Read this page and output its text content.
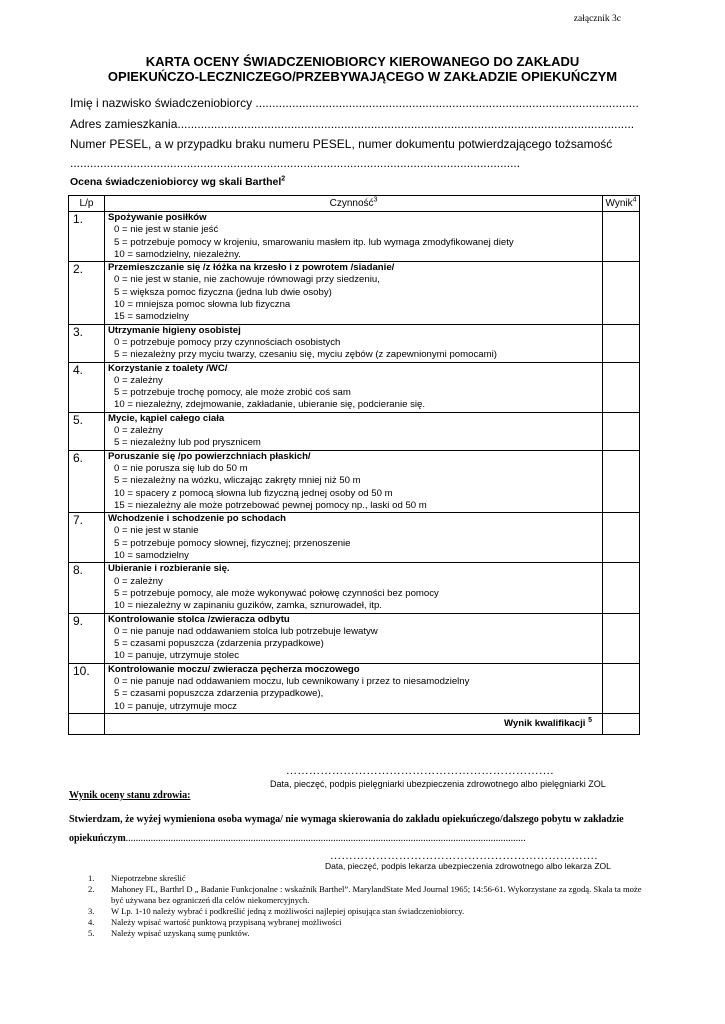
załącznik 3c
KARTA OCENY ŚWIADCZENIOBIORCY KIEROWANEGO DO ZAKŁADU
OPIEKUŃCZO-LECZNICZEGO/PRZEBYWAJĄCEGO W ZAKŁADZIE OPIEKUŃCZYM
Imię i nazwisko świadczeniobiorcy ...................................................................................................................
Adres zamieszkania.........................................................................................................................................
Numer PESEL, a w przypadku braku numeru PESEL, numer dokumentu potwierdzającego tożsamość
.......................................................................................................................................
Ocena świadczeniobiorcy wg skali Barthel$^2$
L/p	Czynność$^3$	Wynik$^4$
1.	Spożywanie posiłków
0 = nie jest w stanie jeść
5 = potrzebuje pomocy w krojeniu, smarowaniu masłem itp. lub wymaga zmodyfikowanej diety
10 = samodzielny, niezależny.	

2.	Przemieszczanie się /z łóżka na krzesło i z powrotem /siadanie/
0 = nie jest w stanie, nie zachowuje równowagi przy siedzeniu,
5 = większa pomoc fizyczna (jedna lub dwie osoby)
10 = mniejsza pomoc słowna lub fizyczna
15 = samodzielny	

3.	Utrzymanie higieny osobistej
0 = potrzebuje pomocy przy czynnościach osobistych
5 = niezależny przy myciu twarzy, czesaniu się, myciu zębów (z zapewnionymi pomocami)	

4.	Korzystanie z toalety /WC/
0 = zależny
5 = potrzebuje trochę pomocy, ale może zrobić coś sam
10 = niezależny, zdejmowanie, zakładanie, ubieranie się, podcieranie się.	

5.	Mycie, kąpiel całego ciała
0 = zależny
5 = niezależny lub pod prysznicem	

6.	Poruszanie się /po powierzchniach płaskich/
0 = nie porusza się lub do 50 m
5 = niezależny na wózku, wliczając zakręty mniej niż 50 m
10 = spacery z pomocą słowna lub fizyczną jednej osoby od 50 m
15 = niezależny ale może potrzebować pewnej pomocy np., laski od 50 m	

7.	Wchodzenie i schodzenie po schodach
0 = nie jest w stanie
5 = potrzebuje pomocy słownej, fizycznej; przenoszenie
10 = samodzielny	

8.	Ubieranie i rozbieranie się.
0 = zależny
5 = potrzebuje pomocy, ale może wykonywać połowę czynności bez pomocy
10 = niezależny w zapinaniu guzików, zamka, sznurowadeł, itp.	

9.	Kontrolowanie stolca /zwieracza odbytu
0 = nie panuje nad oddawaniem stolca lub potrzebuje lewatyw
5 = czasami popuszcza (zdarzenia przypadkowe)
10 = panuje, utrzymuje stolec	

10.	Kontrolowanie moczu/ zwieracza pęcherza moczowego
0 = nie panuje nad oddawaniem moczu, lub cewnikowany i przez to niesamodzielny
5 = czasami popuszcza zdarzenia przypadkowe),
10 = panuje, utrzymuje mocz	

	Wynik kwalifikacji $^5$	
…………………………………………………………….
Data, pieczęć, podpis pielęgniarki ubezpieczenia zdrowotnego albo pielęgniarki ZOL
Wynik oceny stanu zdrowia:
Stwierdzam, że wyżej wymieniona osoba wymaga/ nie wymaga skierowania do zakładu opiekuńczego/dalszego pobytu w zakładzie opiekuńczym................................................................................................................................................................
…………………………………………………………….
Data, pieczęć, podpis lekarza ubezpieczenia zdrowotnego albo lekarza ZOL
1. Niepotrzebne skreślić
2. Mahoney FL, Barthrl D „ Badanie Funkcjonalne : wskaźnik Barthel”. MarylandState Med Journal 1965; 14:56-61. Wykorzystane za zgodą. Skala ta może być używana bez ograniczeń dla celów niekomercyjnych.
3. W Lp. 1-10 należy wybrać i podkreślić jedną z możliwości najlepiej opisująca stan świadczeniobiorcy.
4. Należy wpisać wartość punktową przypisaną wybranej możliwości
5. Należy wpisać uzyskaną sumę punktów.
